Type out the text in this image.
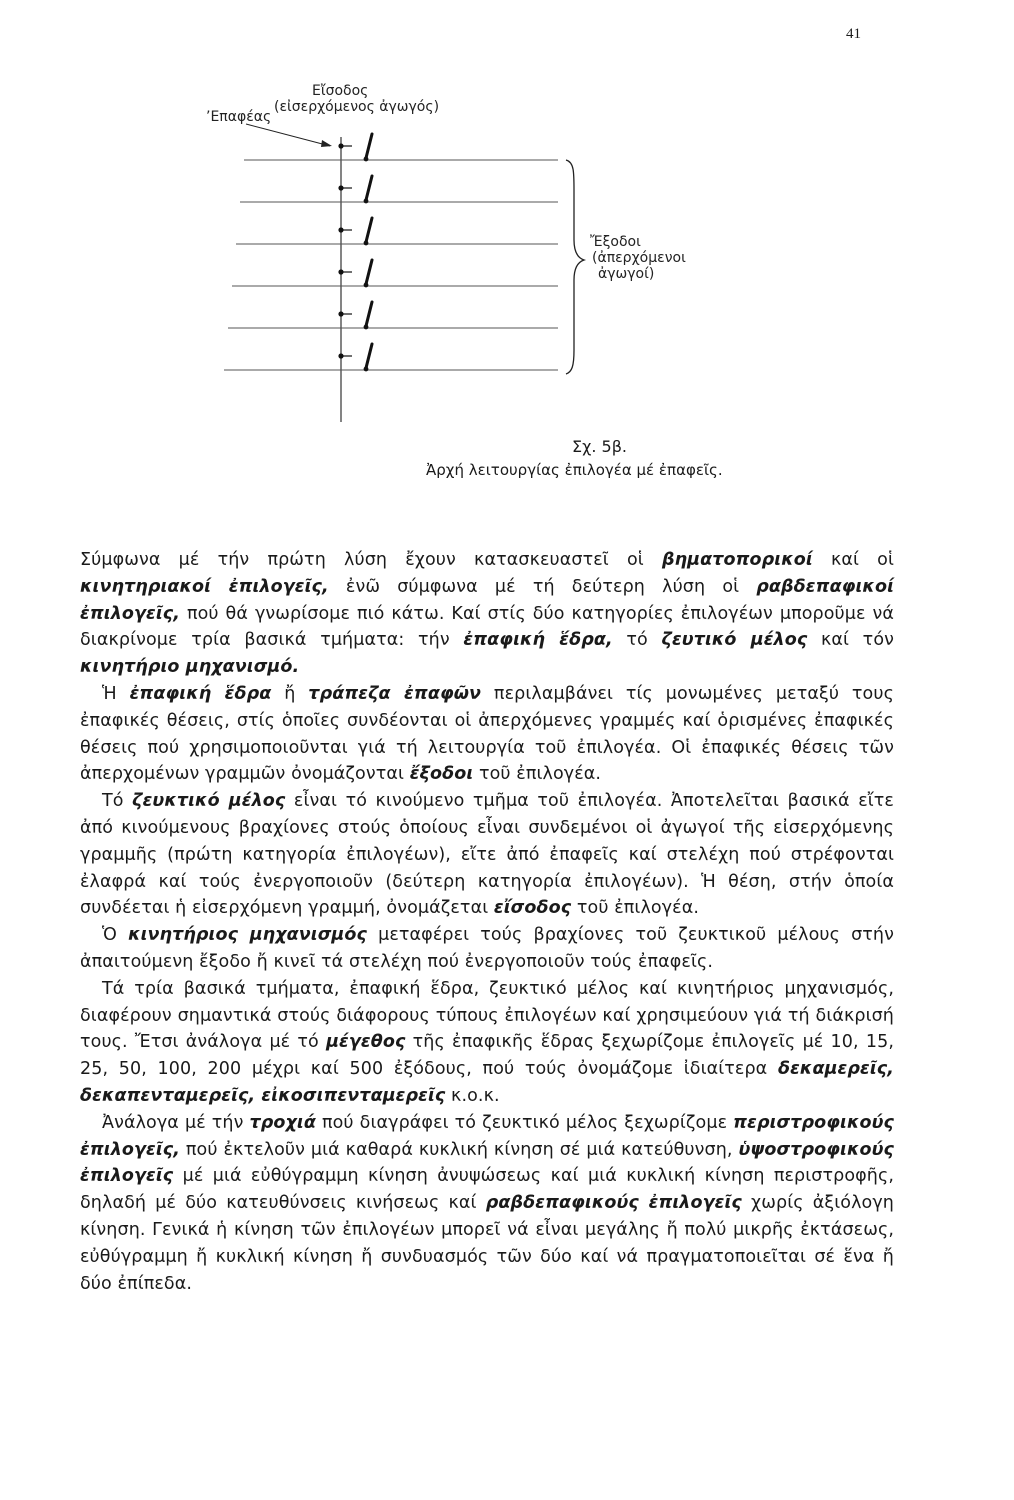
41
’Επαφέας
Εἴσοδος
(εἰσερχόμενος ἀγωγός)
Ἔξοδοι
(ἀπερχόμενοι
ἀγωγοί)
Σχ. 5β.
Ἀρχή λειτουργίας ἐπιλογέα μέ ἐπαφεῖς.

Σύμφωνα μέ τήν πρώτη λύση ἔχουν κατασκευαστεῖ οἱ βηματοπορικοί καί οἱ κινητηριακοί ἐπιλογεῖς, ἐνῶ σύμφωνα μέ τή δεύτερη λύση οἱ ραβδεπαφικοί ἐπιλογεῖς, πού θά γνωρίσομε πιό κάτω. Καί στίς δύο κατηγορίες ἐπιλογέων μποροῦμε νά διακρίνομε τρία βασικά τμήματα: τήν ἐπαφική ἕδρα, τό ζευτικό μέλος καί τόν κινητήριο μηχανισμό.

Ἡ ἐπαφική ἕδρα ἤ τράπεζα ἐπαφῶν περιλαμβάνει τίς μονωμένες μεταξύ τους ἐπαφικές θέσεις, στίς ὁποῖες συνδέονται οἱ ἀπερχόμενες γραμμές καί ὁρισμένες ἐπαφικές θέσεις πού χρησιμοποιοῦνται γιά τή λειτουργία τοῦ ἐπιλογέα. Οἱ ἐπαφικές θέσεις τῶν ἀπερχομένων γραμμῶν ὀνομάζονται ἔξοδοι τοῦ ἐπιλογέα.

Τό ζευκτικό μέλος εἶναι τό κινούμενο τμῆμα τοῦ ἐπιλογέα. Ἀποτελεῖται βασικά εἴτε ἀπό κινούμενους βραχίονες στούς ὁποίους εἶναι συνδεμένοι οἱ ἀγωγοί τῆς εἰσερχόμενης γραμμῆς (πρώτη κατηγορία ἐπιλογέων), εἴτε ἀπό ἐπαφεῖς καί στελέχη πού στρέφονται ἐλαφρά καί τούς ἐνεργοποιοῦν (δεύτερη κατηγορία ἐπιλογέων). Ἡ θέση, στήν ὁποία συνδέεται ἡ εἰσερχόμενη γραμμή, ὀνομάζεται εἴσοδος τοῦ ἐπιλογέα.

Ὁ κινητήριος μηχανισμός μεταφέρει τούς βραχίονες τοῦ ζευκτικοῦ μέλους στήν ἀπαιτούμενη ἔξοδο ἤ κινεῖ τά στελέχη πού ἐνεργοποιοῦν τούς ἐπαφεῖς.

Τά τρία βασικά τμήματα, ἐπαφική ἕδρα, ζευκτικό μέλος καί κινητήριος μηχανισμός, διαφέρουν σημαντικά στούς διάφορους τύπους ἐπιλογέων καί χρησιμεύουν γιά τή διάκρισή τους. Ἔτσι ἀνάλογα μέ τό μέγεθος τῆς ἐπαφικῆς ἕδρας ξεχωρίζομε ἐπιλογεῖς μέ 10, 15, 25, 50, 100, 200 μέχρι καί 500 ἐξόδους, πού τούς ὀνομάζομε ἰδιαίτερα δεκαμερεῖς, δεκαπενταμερεῖς, εἰκοσιπενταμερεῖς κ.ο.κ.

Ἀνάλογα μέ τήν τροχιά πού διαγράφει τό ζευκτικό μέλος ξεχωρίζομε περιστροφικούς ἐπιλογεῖς, πού ἐκτελοῦν μιά καθαρά κυκλική κίνηση σέ μιά κατεύθυνση, ὑψοστροφικούς ἐπιλογεῖς μέ μιά εὐθύγραμμη κίνηση ἀνυψώσεως καί μιά κυκλική κίνηση περιστροφῆς, δηλαδή μέ δύο κατευθύνσεις κινήσεως καί ραβδεπαφικούς ἐπιλογεῖς χωρίς ἀξιόλογη κίνηση. Γενικά ἡ κίνηση τῶν ἐπιλογέων μπορεῖ νά εἶναι μεγάλης ἤ πολύ μικρῆς ἐκτάσεως, εὐθύγραμμη ἤ κυκλική κίνηση ἤ συνδυασμός τῶν δύο καί νά πραγματοποιεῖται σέ ἕνα ἤ δύο ἐπίπεδα.
